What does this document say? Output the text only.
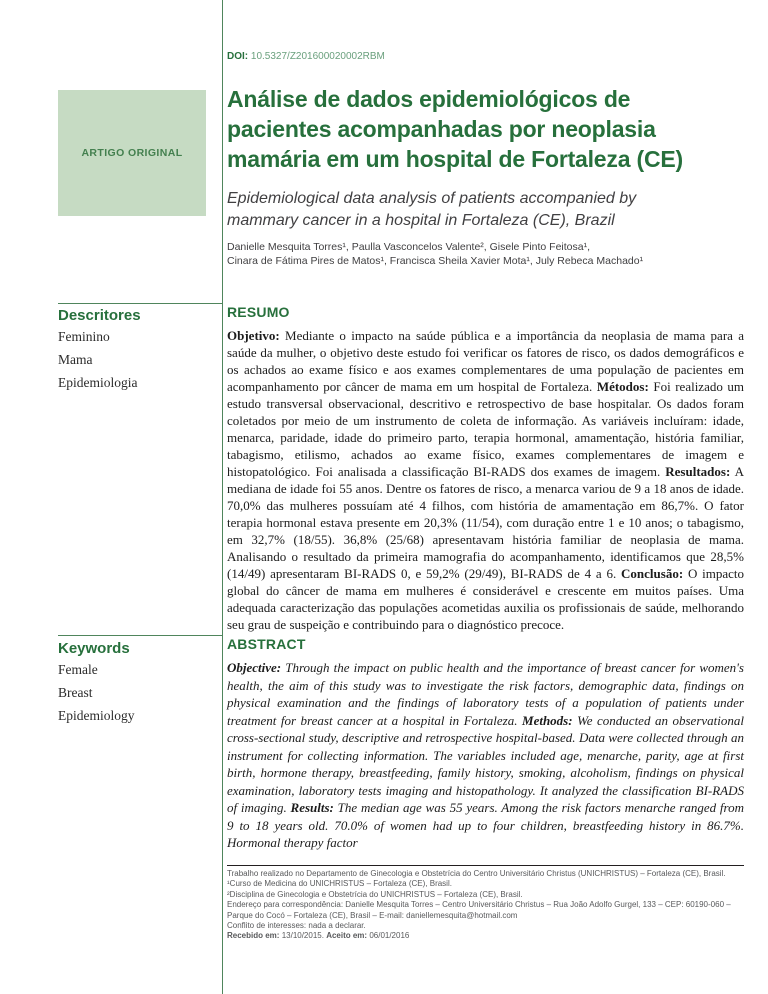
ARTIGO ORIGINAL
DOI: 10.5327/Z201600020002RBM
Análise de dados epidemiológicos de
pacientes acompanhadas por neoplasia
mamária em um hospital de Fortaleza (CE)
Epidemiological data analysis of patients accompanied by
mammary cancer in a hospital in Fortaleza (CE), Brazil
Danielle Mesquita Torres¹, Paulla Vasconcelos Valente², Gisele Pinto Feitosa¹,
Cinara de Fátima Pires de Matos¹, Francisca Sheila Xavier Mota¹, July Rebeca Machado¹
Descritores
Feminino
Mama
Epidemiologia
Keywords
Female
Breast
Epidemiology
RESUMO

Objetivo: Mediante o impacto na saúde pública e a importância da neoplasia de mama para a saúde da mulher, o objetivo deste estudo foi verificar os fatores de risco, os dados demográficos e os achados ao exame físico e aos exames complementares de uma população de pacientes em acompanhamento por câncer de mama em um hospital de Fortaleza. Métodos: Foi realizado um estudo transversal observacional, descritivo e retrospectivo de base hospitalar. Os dados foram coletados por meio de um instrumento de coleta de informação. As variáveis incluíram: idade, menarca, paridade, idade do primeiro parto, terapia hormonal, amamentação, história familiar, tabagismo, etilismo, achados ao exame físico, exames complementares de imagem e histopatológico. Foi analisada a classificação BI-RADS dos exames de imagem. Resultados: A mediana de idade foi 55 anos. Dentre os fatores de risco, a menarca variou de 9 a 18 anos de idade. 70,0% das mulheres possuíam até 4 filhos, com história de amamentação em 86,7%. O fator terapia hormonal estava presente em 20,3% (11/54), com duração entre 1 e 10 anos; o tabagismo, em 32,7% (18/55). 36,8% (25/68) apresentavam história familiar de neoplasia de mama. Analisando o resultado da primeira mamografia do acompanhamento, identificamos que 28,5% (14/49) apresentaram BI-RADS 0, e 59,2% (29/49), BI-RADS de 4 a 6. Conclusão: O impacto global do câncer de mama em mulheres é considerável e crescente em muitos países. Uma adequada caracterização das populações acometidas auxilia os profissionais de saúde, melhorando seu grau de suspeição e contribuindo para o diagnóstico precoce.

ABSTRACT

Objective: Through the impact on public health and the importance of breast cancer for women's health, the aim of this study was to investigate the risk factors, demographic data, findings on physical examination and the findings of laboratory tests of a population of patients under treatment for breast cancer at a hospital in Fortaleza. Methods: We conducted an observational cross-sectional study, descriptive and retrospective hospital-based. Data were collected through an instrument for collecting information. The variables included age, menarche, parity, age at first birth, hormone therapy, breastfeeding, family history, smoking, alcoholism, findings on physical examination, laboratory tests imaging and histopathology. It analyzed the classification BI-RADS of imaging. Results: The median age was 55 years. Among the risk factors menarche ranged from 9 to 18 years old. 70.0% of women had up to four children, breastfeeding history in 86.7%. Hormonal therapy factor

Trabalho realizado no Departamento de Ginecologia e Obstetrícia do Centro Universitário Christus (UNICHRISTUS) – Fortaleza (CE), Brasil.
¹Curso de Medicina do UNICHRISTUS – Fortaleza (CE), Brasil.
²Disciplina de Ginecologia e Obstetrícia do UNICHRISTUS – Fortaleza (CE), Brasil.
Endereço para correspondência: Danielle Mesquita Torres – Centro Universitário Christus – Rua João Adolfo Gurgel, 133 – CEP: 60190-060 – Parque do Cocó – Fortaleza (CE), Brasil – E-mail: daniellemesquita@hotmail.com
Conflito de interesses: nada a declarar.
Recebido em: 13/10/2015. Aceito em: 06/01/2016
